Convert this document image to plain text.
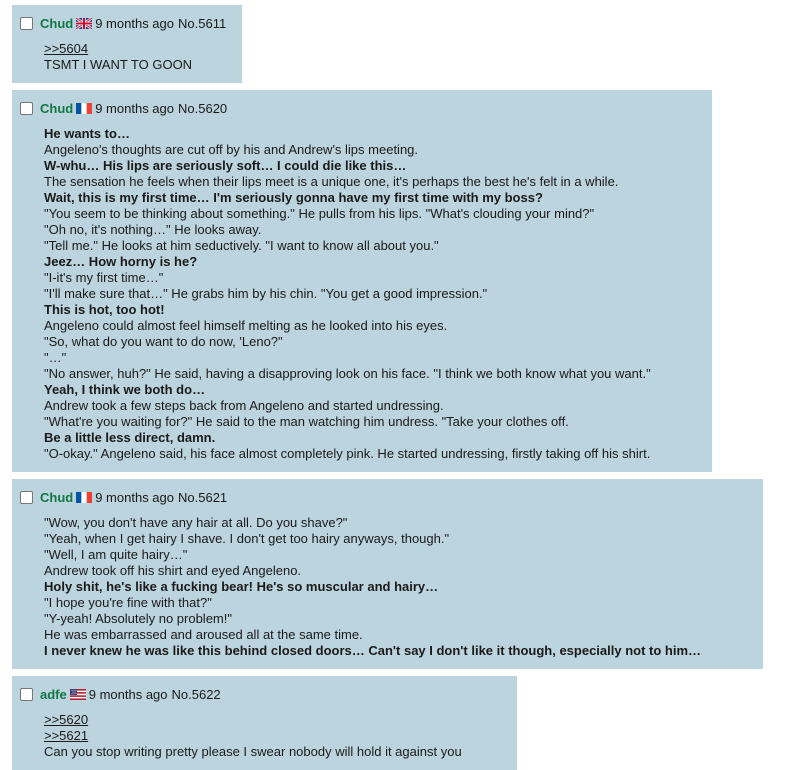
Chud 9 months ago No.5611
>>5604
TSMT I WANT TO GOON
Chud 9 months ago No.5620
He wants to…
Angeleno's thoughts are cut off by his and Andrew's lips meeting.
W-whu… His lips are seriously soft… I could die like this…
The sensation he feels when their lips meet is a unique one, it's perhaps the best he's felt in a while.
Wait, this is my first time… I'm seriously gonna have my first time with my boss?
"You seem to be thinking about something." He pulls from his lips. "What's clouding your mind?"
"Oh no, it's nothing…" He looks away.
"Tell me." He looks at him seductively. "I want to know all about you."
Jeez… How horny is he?
"I-it's my first time…"
"I'll make sure that…" He grabs him by his chin. "You get a good impression."
This is hot, too hot!
Angeleno could almost feel himself melting as he looked into his eyes.
"So, what do you want to do now, 'Leno?"
"…"
"No answer, huh?" He said, having a disapproving look on his face. "I think we both know what you want."
Yeah, I think we both do…
Andrew took a few steps back from Angeleno and started undressing.
"What're you waiting for?" He said to the man watching him undress. "Take your clothes off.
Be a little less direct, damn.
"O-okay." Angeleno said, his face almost completely pink. He started undressing, firstly taking off his shirt.
Chud 9 months ago No.5621
"Wow, you don't have any hair at all. Do you shave?"
"Yeah, when I get hairy I shave. I don't get too hairy anyways, though."
"Well, I am quite hairy…"
Andrew took off his shirt and eyed Angeleno.
Holy shit, he's like a fucking bear! He's so muscular and hairy…
"I hope you're fine with that?"
"Y-yeah! Absolutely no problem!"
He was embarrassed and aroused all at the same time.
I never knew he was like this behind closed doors… Can't say I don't like it though, especially not to him…
adfe 9 months ago No.5622
>>5620
>>5621
Can you stop writing pretty please I swear nobody will hold it against you
